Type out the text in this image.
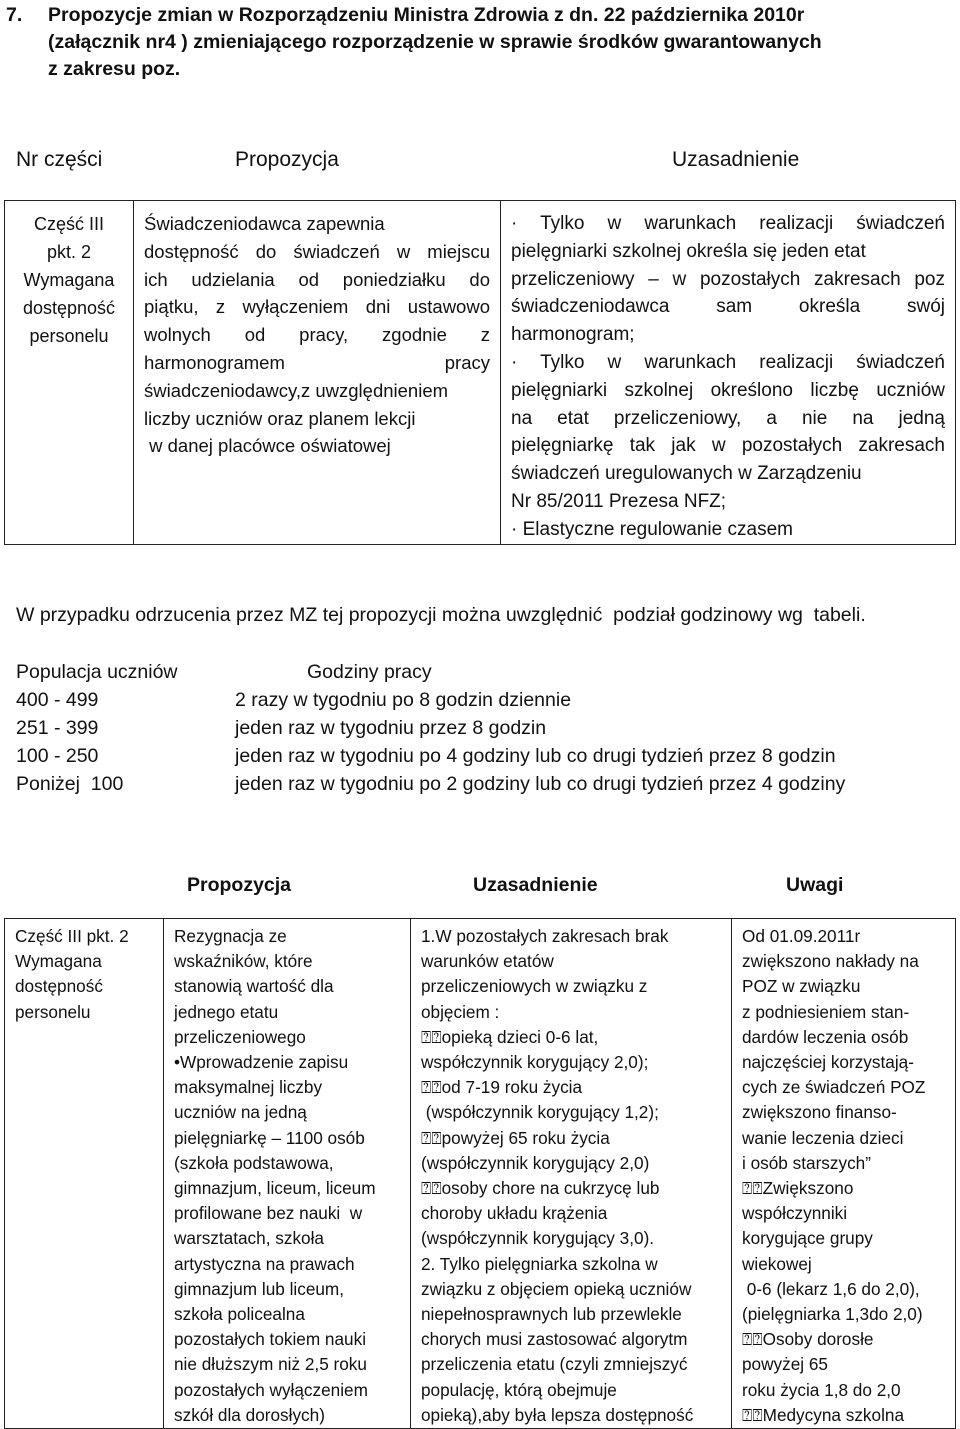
7. Propozycje zmian w Rozporządzeniu Ministra Zdrowia z dn. 22 października 2010r
(załącznik nr4 ) zmieniającego rozporządzenie w sprawie środków gwarantowanych
z zakresu poz.
Nr części	Propozycja	Uzasadnienie
Część III
pkt. 2
Wymagana
dostępność
personelu

Świadczeniodawca zapewnia
dostępność do świadczeń w miejscu
ich udzielania od poniedziałku do
piątku, z wyłączeniem dni ustawowo
wolnych od pracy, zgodnie z
harmonogramem pracy
świadczeniodawcy,z uwzględnieniem
liczby uczniów oraz planem lekcji
w danej placówce oświatowej

· Tylko w warunkach realizacji świadczeń
pielęgniarki szkolnej określa się jeden etat
przeliczeniowy – w pozostałych zakresach poz
świadczeniodawca sam określa swój
harmonogram;
· Tylko w warunkach realizacji świadczeń
pielęgniarki szkolnej określono liczbę uczniów
na etat przeliczeniowy, a nie na jedną
pielęgniarkę tak jak w pozostałych zakresach
świadczeń uregulowanych w Zarządzeniu
Nr 85/2011 Prezesa NFZ;
· Elastyczne regulowanie czasem
W przypadku odrzucenia przez MZ tej propozycji można uwzględnić  podział godzinowy wg  tabeli.
Populacja uczniów	Godziny pracy
400 - 499	2 razy w tygodniu po 8 godzin dziennie
251 - 399	jeden raz w tygodniu przez 8 godzin
100 - 250	jeden raz w tygodniu po 4 godziny lub co drugi tydzień przez 8 godzin
Poniżej  100	jeden raz w tygodniu po 2 godziny lub co drugi tydzień przez 4 godziny
Propozycja	Uzasadnienie	Uwagi
Część III pkt. 2
Wymagana
dostępność
personelu

Rezygnacja ze
wskaźników, które
stanowią wartość dla
jednego etatu
przeliczeniowego
•Wprowadzenie zapisu
maksymalnej liczby
uczniów na jedną
pielęgniarkę – 1100 osób
(szkoła podstawowa,
gimnazjum, liceum, liceum
profilowane bez nauki  w
warsztatach, szkoła
artystyczna na prawach
gimnazjum lub liceum,
szkoła policealna
pozostałych tokiem nauki
nie dłuższym niż 2,5 roku
pozostałych wyłączeniem
szkół dla dorosłych)

1.W pozostałych zakresach brak
warunków etatów
przeliczeniowych w związku z
objęciem :
⍰⍰opieką dzieci 0-6 lat,
współczynnik korygujący 2,0);
⍰⍰od 7-19 roku życia
(współczynnik korygujący 1,2);
⍰⍰powyżej 65 roku życia
(współczynnik korygujący 2,0)
⍰⍰osoby chore na cukrzycę lub
choroby układu krążenia
(współczynnik korygujący 3,0).
2. Tylko pielęgniarka szkolna w
związku z objęciem opieką uczniów
niepełnosprawnych lub przewlekle
chorych musi zastosować algorytm
przeliczenia etatu (czyli zmniejszyć
populację, którą obejmuje
opieką),aby była lepsza dostępność

Od 01.09.2011r
zwiększono nakłady na
POZ w związku
z podniesieniem stan-
dardów leczenia osób
najczęściej korzystają-
cych ze świadczeń POZ
zwiększono finanso-
wanie leczenia dzieci
i osób starszych”
⍰⍰Zwiększono
współczynniki
korygujące grupy
wiekowej
0-6 (lekarz 1,6 do 2,0),
(pielęgniarka 1,3do 2,0)
⍰⍰Osoby dorosłe
powyżej 65
roku życia 1,8 do 2,0
⍰⍰Medycyna szkolna
